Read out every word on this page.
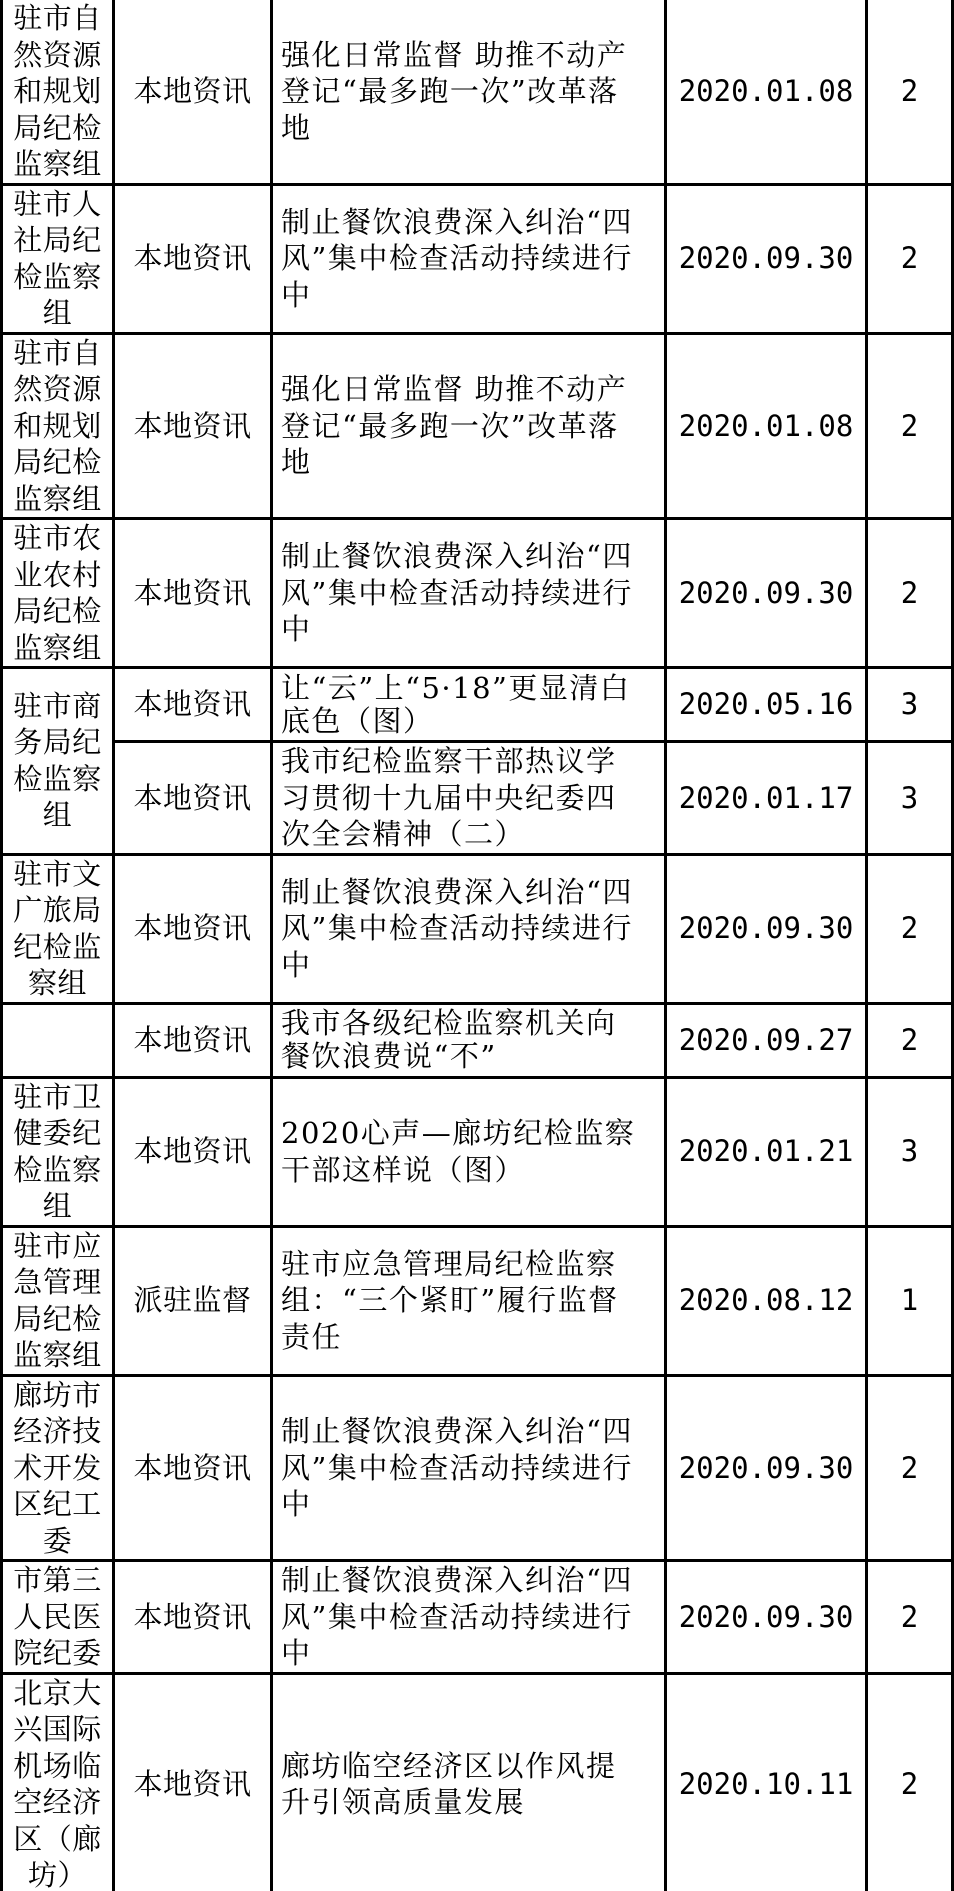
驻市自然资源和规划局纪检监察组	本地资讯	强化日常监督 助推不动产登记“最多跑一次”改革落地	2020.01.08	2

驻市人社局纪检监察组	本地资讯	制止餐饮浪费深入纠治“四风”集中检查活动持续进行中	2020.09.30	2

驻市自然资源和规划局纪检监察组	本地资讯	强化日常监督 助推不动产登记“最多跑一次”改革落地	2020.01.08	2

驻市农业农村局纪检监察组	本地资讯	制止餐饮浪费深入纠治“四风”集中检查活动持续进行中	2020.09.30	2

驻市商务局纪检监察组	本地资讯	让“云”上“5·18”更显清白底色（图）	2020.05.16	3
	本地资讯	我市纪检监察干部热议学习贯彻十九届中央纪委四次全会精神（二）	2020.01.17	3

驻市文广旅局纪检监察组	本地资讯	制止餐饮浪费深入纠治“四风”集中检查活动持续进行中	2020.09.30	2

	本地资讯	我市各级纪检监察机关向餐饮浪费说“不”	2020.09.27	2

驻市卫健委纪检监察组	本地资讯	2020心声—廊坊纪检监察干部这样说（图）	2020.01.21	3

驻市应急管理局纪检监察组	派驻监督	驻市应急管理局纪检监察组：“三个紧盯”履行监督责任	2020.08.12	1

廊坊市经济技术开发区纪工委	本地资讯	制止餐饮浪费深入纠治“四风”集中检查活动持续进行中	2020.09.30	2

市第三人民医院纪委	本地资讯	制止餐饮浪费深入纠治“四风”集中检查活动持续进行中	2020.09.30	2

北京大兴国际机场临空经济区（廊坊）	本地资讯	廊坊临空经济区以作风提升引领高质量发展	2020.10.11	2
